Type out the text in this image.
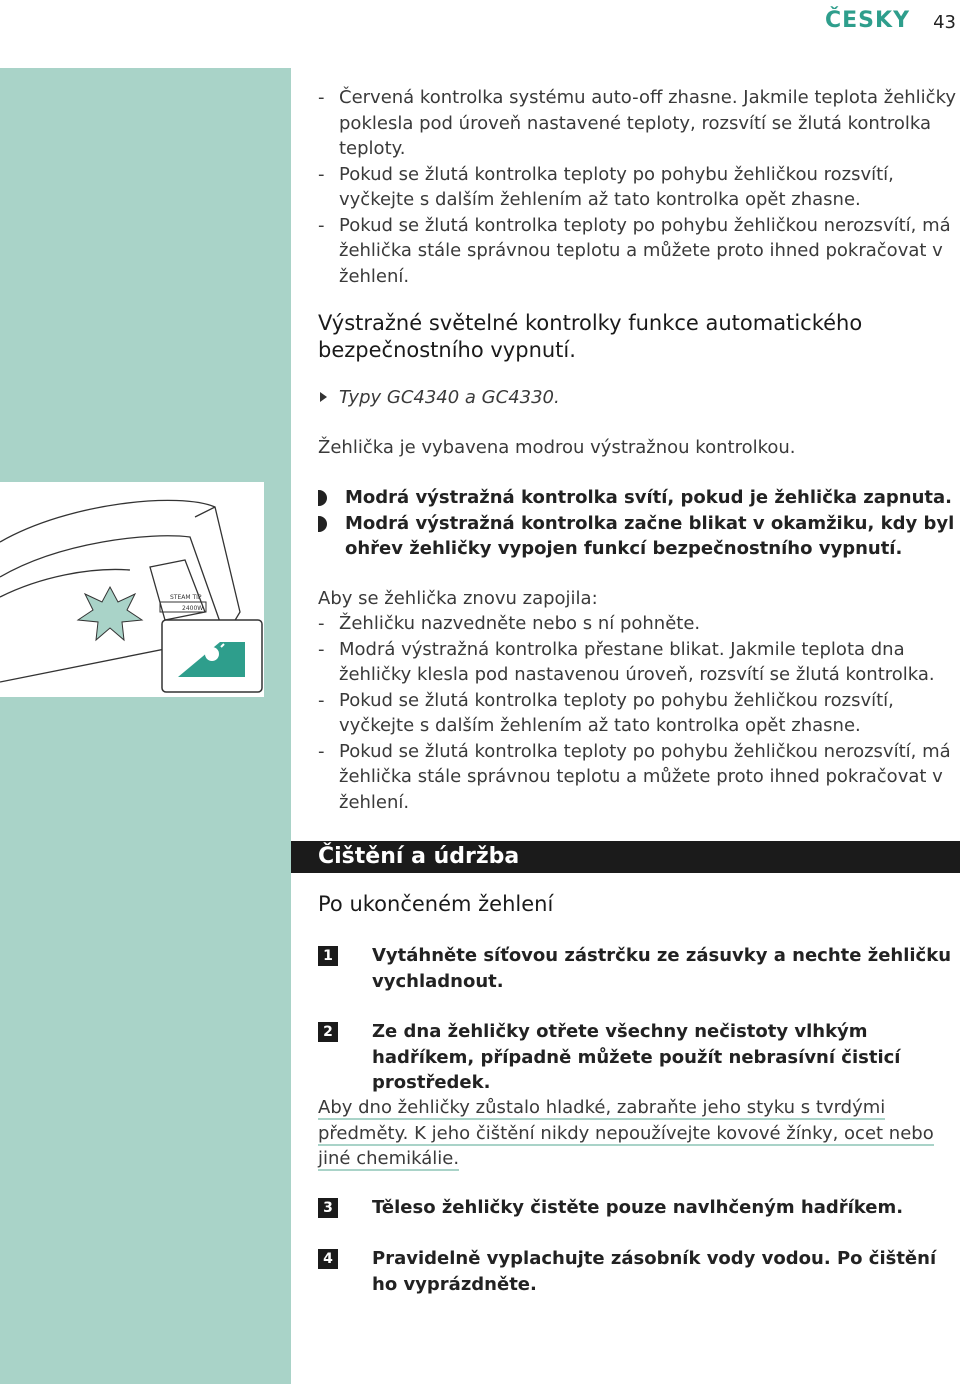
ČESKY 43
STEAM TIP
2400W
- Červená kontrolka systému auto-off zhasne. Jakmile teplota žehličky poklesla pod úroveň nastavené teploty, rozsvítí se žlutá kontrolka teploty.
- Pokud se žlutá kontrolka teploty po pohybu žehličkou rozsvítí, vyčkejte s dalším žehlením až tato kontrolka opět zhasne.
- Pokud se žlutá kontrolka teploty po pohybu žehličkou nerozsvítí, má žehlička stále správnou teplotu a můžete proto ihned pokračovat v žehlení.
Výstražné světelné kontrolky funkce automatického bezpečnostního vypnutí.
Typy GC4340 a GC4330.
Žehlička je vybavena modrou výstražnou kontrolkou.
Modrá výstražná kontrolka svítí, pokud je žehlička zapnuta.
Modrá výstražná kontrolka začne blikat v okamžiku, kdy byl ohřev žehličky vypojen funkcí bezpečnostního vypnutí.
Aby se žehlička znovu zapojila:
- Žehličku nazvedněte nebo s ní pohněte.
- Modrá výstražná kontrolka přestane blikat. Jakmile teplota dna žehličky klesla pod nastavenou úroveň, rozsvítí se žlutá kontrolka.
- Pokud se žlutá kontrolka teploty po pohybu žehličkou rozsvítí, vyčkejte s dalším žehlením až tato kontrolka opět zhasne.
- Pokud se žlutá kontrolka teploty po pohybu žehličkou nerozsvítí, má žehlička stále správnou teplotu a můžete proto ihned pokračovat v žehlení.
Čištění a údržba
Po ukončeném žehlení
1	Vytáhněte síťovou zástrčku ze zásuvky a nechte žehličku vychladnout.
2	Ze dna žehličky otřete všechny nečistoty vlhkým hadříkem, případně můžete použít nebrasívní čisticí prostředek.
Aby dno žehličky zůstalo hladké, zabraňte jeho styku s tvrdými předměty. K jeho čištění nikdy nepoužívejte kovové žínky, ocet nebo jiné chemikálie.
3	Těleso žehličky čistěte pouze navlhčeným hadříkem.
4	Pravidelně vyplachujte zásobník vody vodou. Po čištění ho vyprázdněte.
